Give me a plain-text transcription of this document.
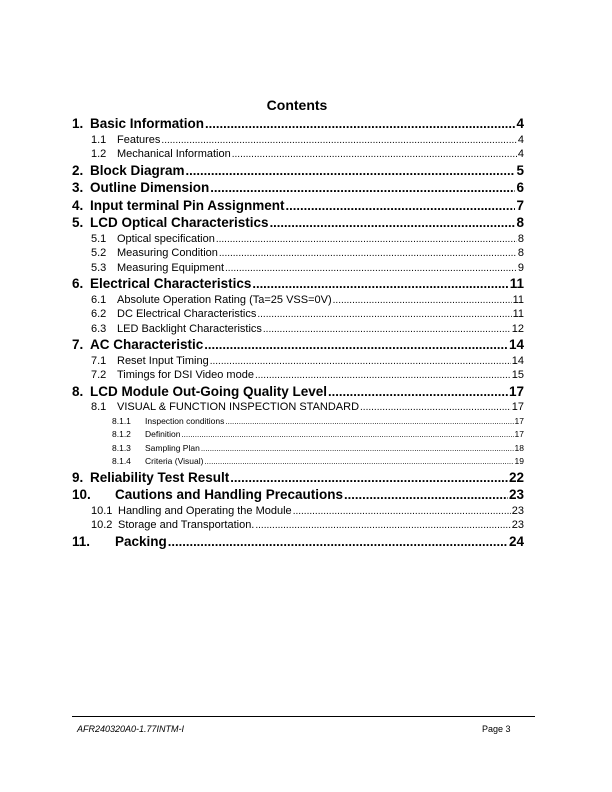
Contents
1. Basic Information .....	4
1.1 Features .....	4
1.2 Mechanical Information .....	4
2. Block Diagram .....	5
3. Outline Dimension .....	6
4. Input terminal Pin Assignment .....	7
5. LCD Optical Characteristics .....	8
5.1 Optical specification .....	8
5.2 Measuring Condition .....	8
5.3 Measuring Equipment .....	9
6. Electrical Characteristics .....	11
6.1 Absolute Operation Rating (Ta=25 VSS=0V) .....	11
6.2 DC Electrical Characteristics .....	11
6.3 LED Backlight Characteristics .....	12
7. AC Characteristic .....	14
7.1 Reset Input Timing .....	14
7.2 Timings for DSI Video mode .....	15
8. LCD Module Out-Going Quality Level .....	17
8.1 VISUAL & FUNCTION INSPECTION STANDARD .....	17
8.1.1	Inspection conditions .....	17
8.1.2	Definition .....	17
8.1.3	Sampling Plan .....	18
8.1.4	Criteria (Visual) .....	19
9. Reliability Test Result .....	22
10.	Cautions and Handling Precautions .....	23
10.1 Handling and Operating the Module .....	23
10.2 Storage and Transportation. .....	23
11.	Packing .....	24
AFR240320A0-1.77INTM-I	Page 3
